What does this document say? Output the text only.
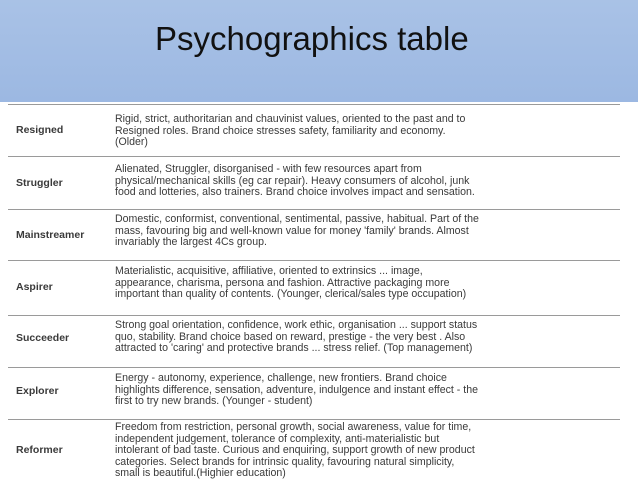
Psychographics table
Resigned
Rigid, strict, authoritarian and chauvinist values, oriented to the past and to
Resigned roles. Brand choice stresses safety, familiarity and economy.
(Older)
Struggler
Alienated, Struggler, disorganised - with few resources apart from
physical/mechanical skills (eg car repair). Heavy consumers of alcohol, junk
food and lotteries, also trainers. Brand choice involves impact and sensation.
Mainstreamer
Domestic, conformist, conventional, sentimental, passive, habitual. Part of the
mass, favouring big and well-known value for money 'family' brands. Almost
invariably the largest 4Cs group.
Aspirer
Materialistic, acquisitive, affiliative, oriented to extrinsics ... image,
appearance, charisma, persona and fashion. Attractive packaging more
important than quality of contents. (Younger, clerical/sales type occupation)
Succeeder
Strong goal orientation, confidence, work ethic, organisation ... support status
quo, stability. Brand choice based on reward, prestige - the very best . Also
attracted to 'caring' and protective brands ... stress relief. (Top management)
Explorer
Energy - autonomy, experience, challenge, new frontiers. Brand choice
highlights difference, sensation, adventure, indulgence and instant effect - the
first to try new brands. (Younger - student)
Reformer
Freedom from restriction, personal growth, social awareness, value for time,
independent judgement, tolerance of complexity, anti-materialistic but
intolerant of bad taste. Curious and enquiring, support growth of new product
categories. Select brands for intrinsic quality, favouring natural simplicity,
small is beautiful.(Highier education)
